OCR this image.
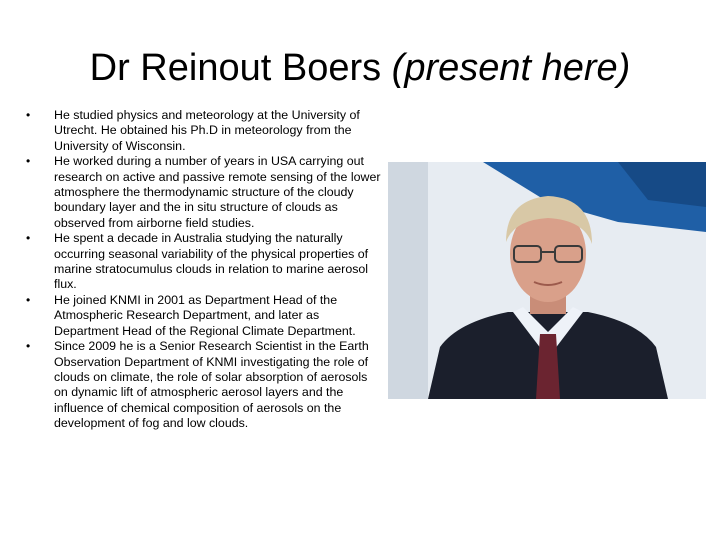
Dr Reinout Boers (present here)
•	He studied physics and meteorology at the University of Utrecht. He obtained his Ph.D in meteorology from the University of Wisconsin.
•	He worked during a number of years in USA carrying out research on active and passive remote sensing of the lower atmosphere the thermodynamic structure of the cloudy boundary layer and the in situ structure of clouds as observed from airborne field studies.
•	He spent a decade in Australia studying the naturally occurring seasonal variability of the physical properties of marine stratocumulus clouds in relation to marine aerosol flux.
•	He joined KNMI in 2001 as Department Head of the Atmospheric Research Department, and later as Department Head of the Regional Climate Department.
•	Since 2009 he is a Senior Research Scientist in the Earth Observation Department of KNMI investigating the role of clouds on climate, the role of solar absorption of aerosols on dynamic lift of atmospheric aerosol layers and the influence of chemical composition of aerosols on the development of fog and low clouds.
